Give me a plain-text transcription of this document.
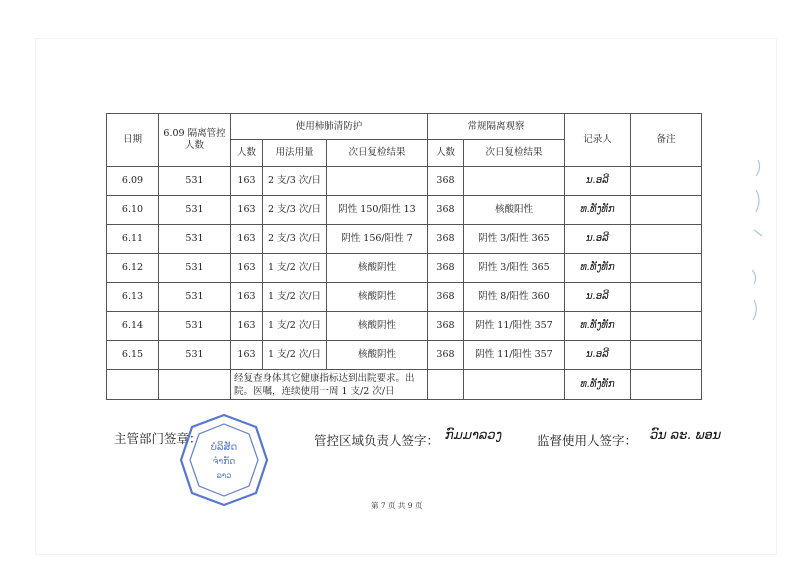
日期	6.09 隔离管控人数	使用柿肺清防护			常规隔离观察		记录人	备注
		人数	用法用量	次日复检结果	人数	次日复检结果		
6.09	531	163	2 支/3 次/日		368		ນ.ອລີ	
6.10	531	163	2 支/3 次/日	阴性 150/阳性 13	368	核酸阳性	ທ.ທັງທັກ	
6.11	531	163	2 支/3 次/日	阴性 156/阳性 7	368	阴性 3/阳性 365	ນ.ອລີ	
6.12	531	163	1 支/2 次/日	核酸阴性	368	阴性 3/阳性 365	ທ.ທັງທັກ	
6.13	531	163	1 支/2 次/日	核酸阴性	368	阴性 8/阳性 360	ນ.ອລີ	
6.14	531	163	1 支/2 次/日	核酸阴性	368	阴性 11/阳性 357	ທ.ທັງທັກ	
6.15	531	163	1 支/2 次/日	核酸阴性	368	阴性 11/阳性 357	ນ.ອລີ	
		经复查身体其它健康指标达到出院要求。出院。医嘱，连续使用一周 1 支/2 次/日					ທ.ທັງທັກ	
主管部门签章：
ບໍລິສັດ
ຈໍາກັດ
ລາວ
管控区域负责人签字： ກົມມາລວງ	监督使用人签字： ວົນ ລະ. ພອນ
第 7 页 共 9 页
